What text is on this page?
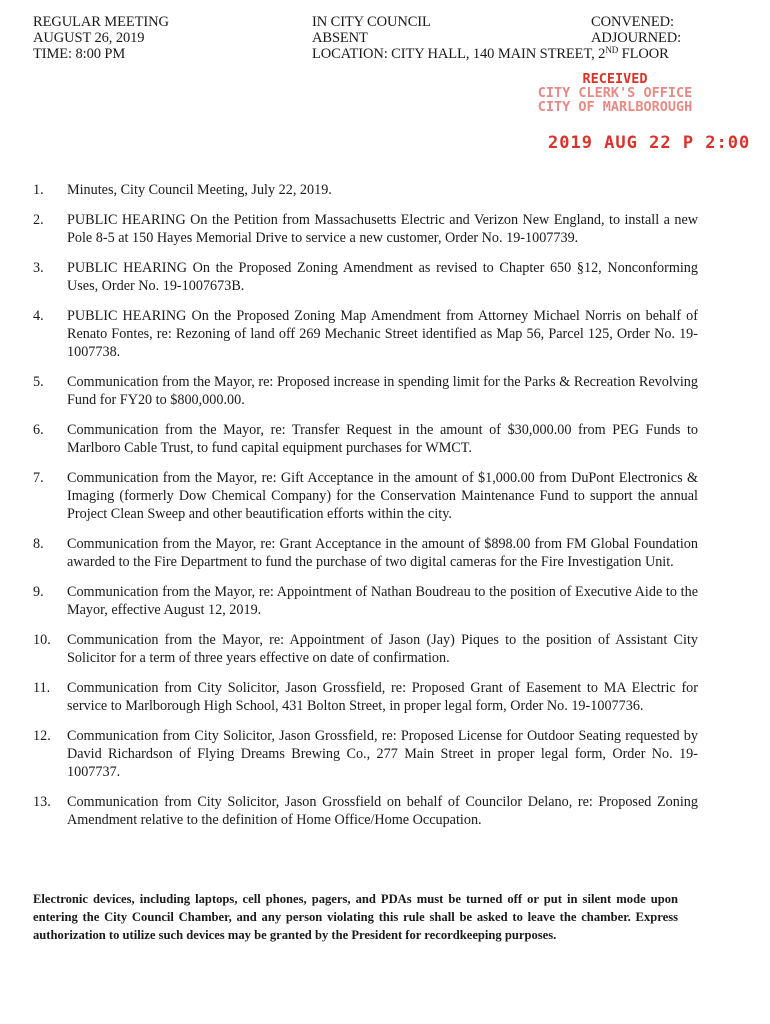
REGULAR MEETING
AUGUST 26, 2019
TIME: 8:00 PM
IN CITY COUNCIL
ABSENT
CONVENED:
ADJOURNED:
LOCATION: CITY HALL, 140 MAIN STREET, 2ND FLOOR
RECEIVED
CITY CLERK'S OFFICE
CITY OF MARLBOROUGH
2019 AUG 22 P 2:00
1.	Minutes, City Council Meeting, July 22, 2019.
2.	PUBLIC HEARING On the Petition from Massachusetts Electric and Verizon New England, to install a new Pole 8-5 at 150 Hayes Memorial Drive to service a new customer, Order No. 19-1007739.
3.	PUBLIC HEARING On the Proposed Zoning Amendment as revised to Chapter 650 §12, Nonconforming Uses, Order No. 19-1007673B.
4.	PUBLIC HEARING On the Proposed Zoning Map Amendment from Attorney Michael Norris on behalf of Renato Fontes, re: Rezoning of land off 269 Mechanic Street identified as Map 56, Parcel 125, Order No. 19-1007738.
5.	Communication from the Mayor, re: Proposed increase in spending limit for the Parks & Recreation Revolving Fund for FY20 to $800,000.00.
6.	Communication from the Mayor, re: Transfer Request in the amount of $30,000.00 from PEG Funds to Marlboro Cable Trust, to fund capital equipment purchases for WMCT.
7.	Communication from the Mayor, re: Gift Acceptance in the amount of $1,000.00 from DuPont Electronics & Imaging (formerly Dow Chemical Company) for the Conservation Maintenance Fund to support the annual Project Clean Sweep and other beautification efforts within the city.
8.	Communication from the Mayor, re: Grant Acceptance in the amount of $898.00 from FM Global Foundation awarded to the Fire Department to fund the purchase of two digital cameras for the Fire Investigation Unit.
9.	Communication from the Mayor, re: Appointment of Nathan Boudreau to the position of Executive Aide to the Mayor, effective August 12, 2019.
10.	Communication from the Mayor, re: Appointment of Jason (Jay) Piques to the position of Assistant City Solicitor for a term of three years effective on date of confirmation.
11.	Communication from City Solicitor, Jason Grossfield, re: Proposed Grant of Easement to MA Electric for service to Marlborough High School, 431 Bolton Street, in proper legal form, Order No. 19-1007736.
12.	Communication from City Solicitor, Jason Grossfield, re: Proposed License for Outdoor Seating requested by David Richardson of Flying Dreams Brewing Co., 277 Main Street in proper legal form, Order No. 19-1007737.
13.	Communication from City Solicitor, Jason Grossfield on behalf of Councilor Delano, re: Proposed Zoning Amendment relative to the definition of Home Office/Home Occupation.
Electronic devices, including laptops, cell phones, pagers, and PDAs must be turned off or put in silent mode upon entering the City Council Chamber, and any person violating this rule shall be asked to leave the chamber. Express authorization to utilize such devices may be granted by the President for recordkeeping purposes.
